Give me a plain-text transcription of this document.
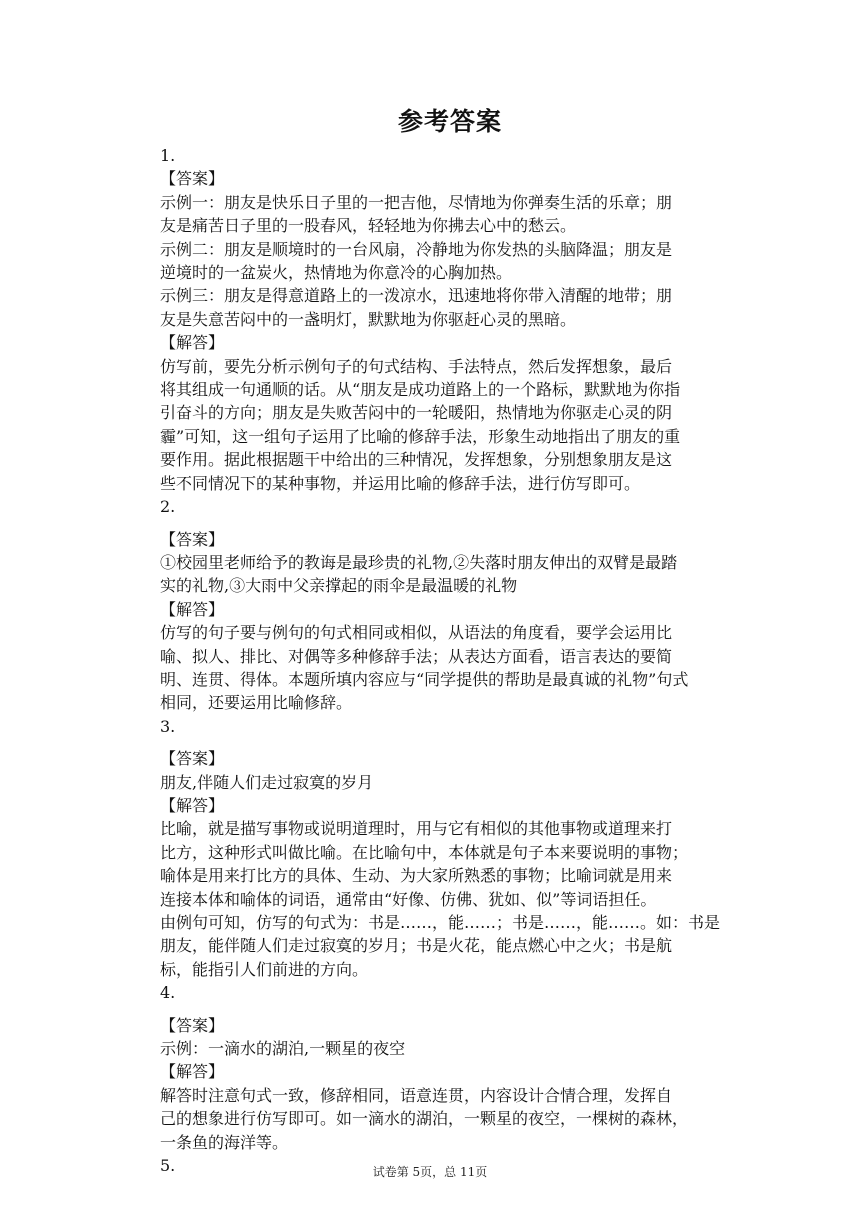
参考答案
1.
【答案】
示例一：朋友是快乐日子里的一把吉他，尽情地为你弹奏生活的乐章；朋
友是痛苦日子里的一股春风，轻轻地为你拂去心中的愁云。
示例二：朋友是顺境时的一台风扇，冷静地为你发热的头脑降温；朋友是
逆境时的一盆炭火，热情地为你意冷的心胸加热。
示例三：朋友是得意道路上的一泼凉水，迅速地将你带入清醒的地带；朋
友是失意苦闷中的一盏明灯，默默地为你驱赶心灵的黑暗。
【解答】
仿写前，要先分析示例句子的句式结构、手法特点，然后发挥想象，最后
将其组成一句通顺的话。从“朋友是成功道路上的一个路标，默默地为你指
引奋斗的方向；朋友是失败苦闷中的一轮暖阳，热情地为你驱走心灵的阴
霾”可知，这一组句子运用了比喻的修辞手法，形象生动地指出了朋友的重
要作用。据此根据题干中给出的三种情况，发挥想象，分别想象朋友是这
些不同情况下的某种事物，并运用比喻的修辞手法，进行仿写即可。
2.
【答案】
①校园里老师给予的教诲是最珍贵的礼物,②失落时朋友伸出的双臂是最踏
实的礼物,③大雨中父亲撑起的雨伞是最温暖的礼物
【解答】
仿写的句子要与例句的句式相同或相似，从语法的角度看，要学会运用比
喻、拟人、排比、对偶等多种修辞手法；从表达方面看，语言表达的要简
明、连贯、得体。本题所填内容应与“同学提供的帮助是最真诚的礼物”句式
相同，还要运用比喻修辞。
3.
【答案】
朋友,伴随人们走过寂寞的岁月
【解答】
比喻，就是描写事物或说明道理时，用与它有相似的其他事物或道理来打
比方，这种形式叫做比喻。在比喻句中，本体就是句子本来要说明的事物；
喻体是用来打比方的具体、生动、为大家所熟悉的事物；比喻词就是用来
连接本体和喻体的词语，通常由“好像、仿佛、犹如、似”等词语担任。
由例句可知，仿写的句式为：书是……，能……；书是……，能……。如：书是
朋友，能伴随人们走过寂寞的岁月；书是火花，能点燃心中之火；书是航
标，能指引人们前进的方向。
4.
【答案】
示例：一滴水的湖泊,一颗星的夜空
【解答】
解答时注意句式一致，修辞相同，语意连贯，内容设计合情合理，发挥自
己的想象进行仿写即可。如一滴水的湖泊，一颗星的夜空，一棵树的森林，
一条鱼的海洋等。
5.	试卷第 5页，总 11页
